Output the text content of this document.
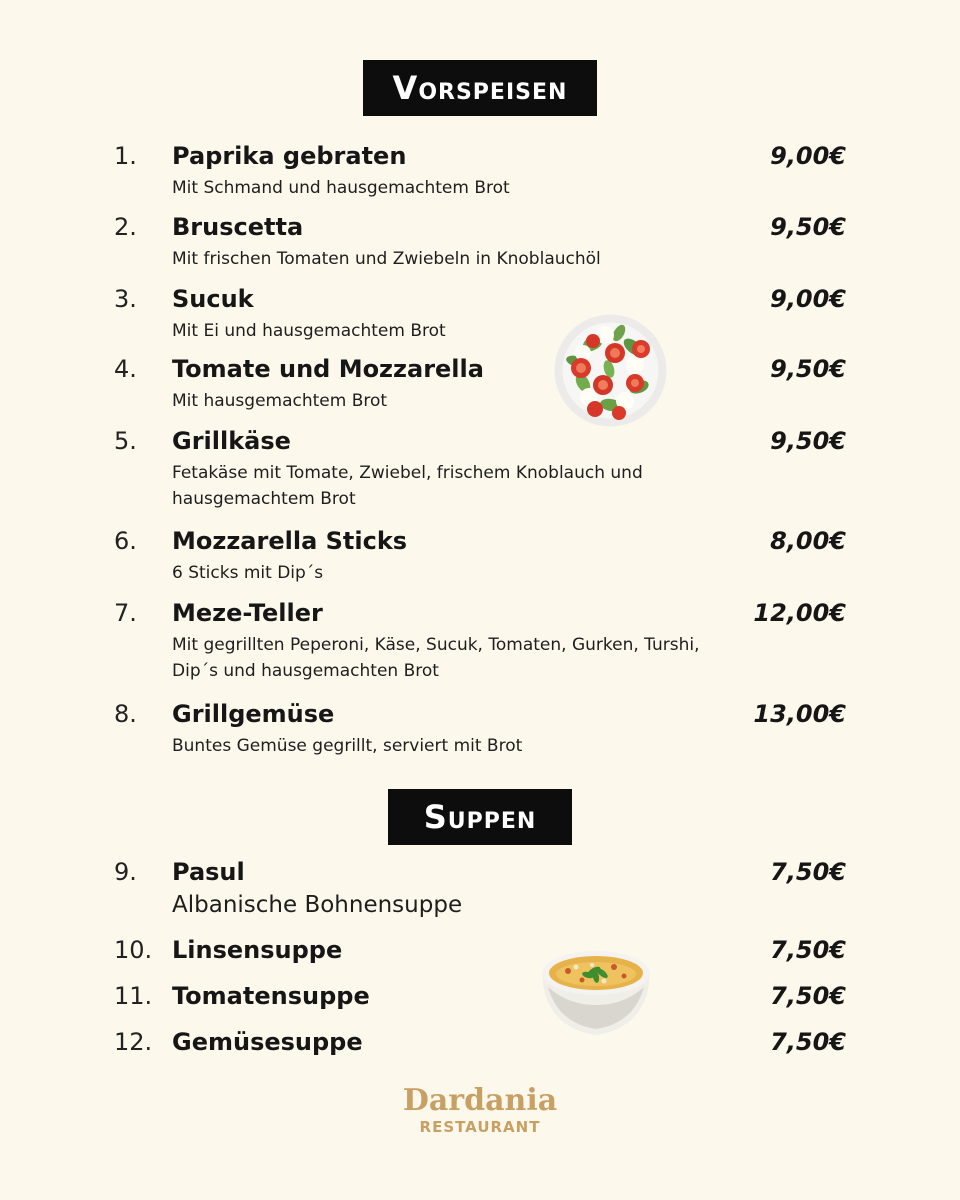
Vorspeisen
1. Paprika gebraten	9,00€
Mit Schmand und hausgemachtem Brot
2. Bruscetta	9,50€
Mit frischen Tomaten und Zwiebeln in Knoblauchöl
3. Sucuk	9,00€
Mit Ei und hausgemachtem Brot
4. Tomate und Mozzarella	9,50€
Mit hausgemachtem Brot
5. Grillkäse	9,50€
Fetakäse mit Tomate, Zwiebel, frischem Knoblauch und hausgemachtem Brot
6. Mozzarella Sticks	8,00€
6 Sticks mit Dip´s
7. Meze-Teller	12,00€
Mit gegrillten Peperoni, Käse, Sucuk, Tomaten, Gurken, Turshi, Dip´s und hausgemachten Brot
8. Grillgemüse	13,00€
Buntes Gemüse gegrillt, serviert mit Brot
Suppen
9. Pasul	7,50€
Albanische Bohnensuppe
10. Linsensuppe	7,50€
11. Tomatensuppe	7,50€
12. Gemüsesuppe	7,50€
Dardania
RESTAURANT
